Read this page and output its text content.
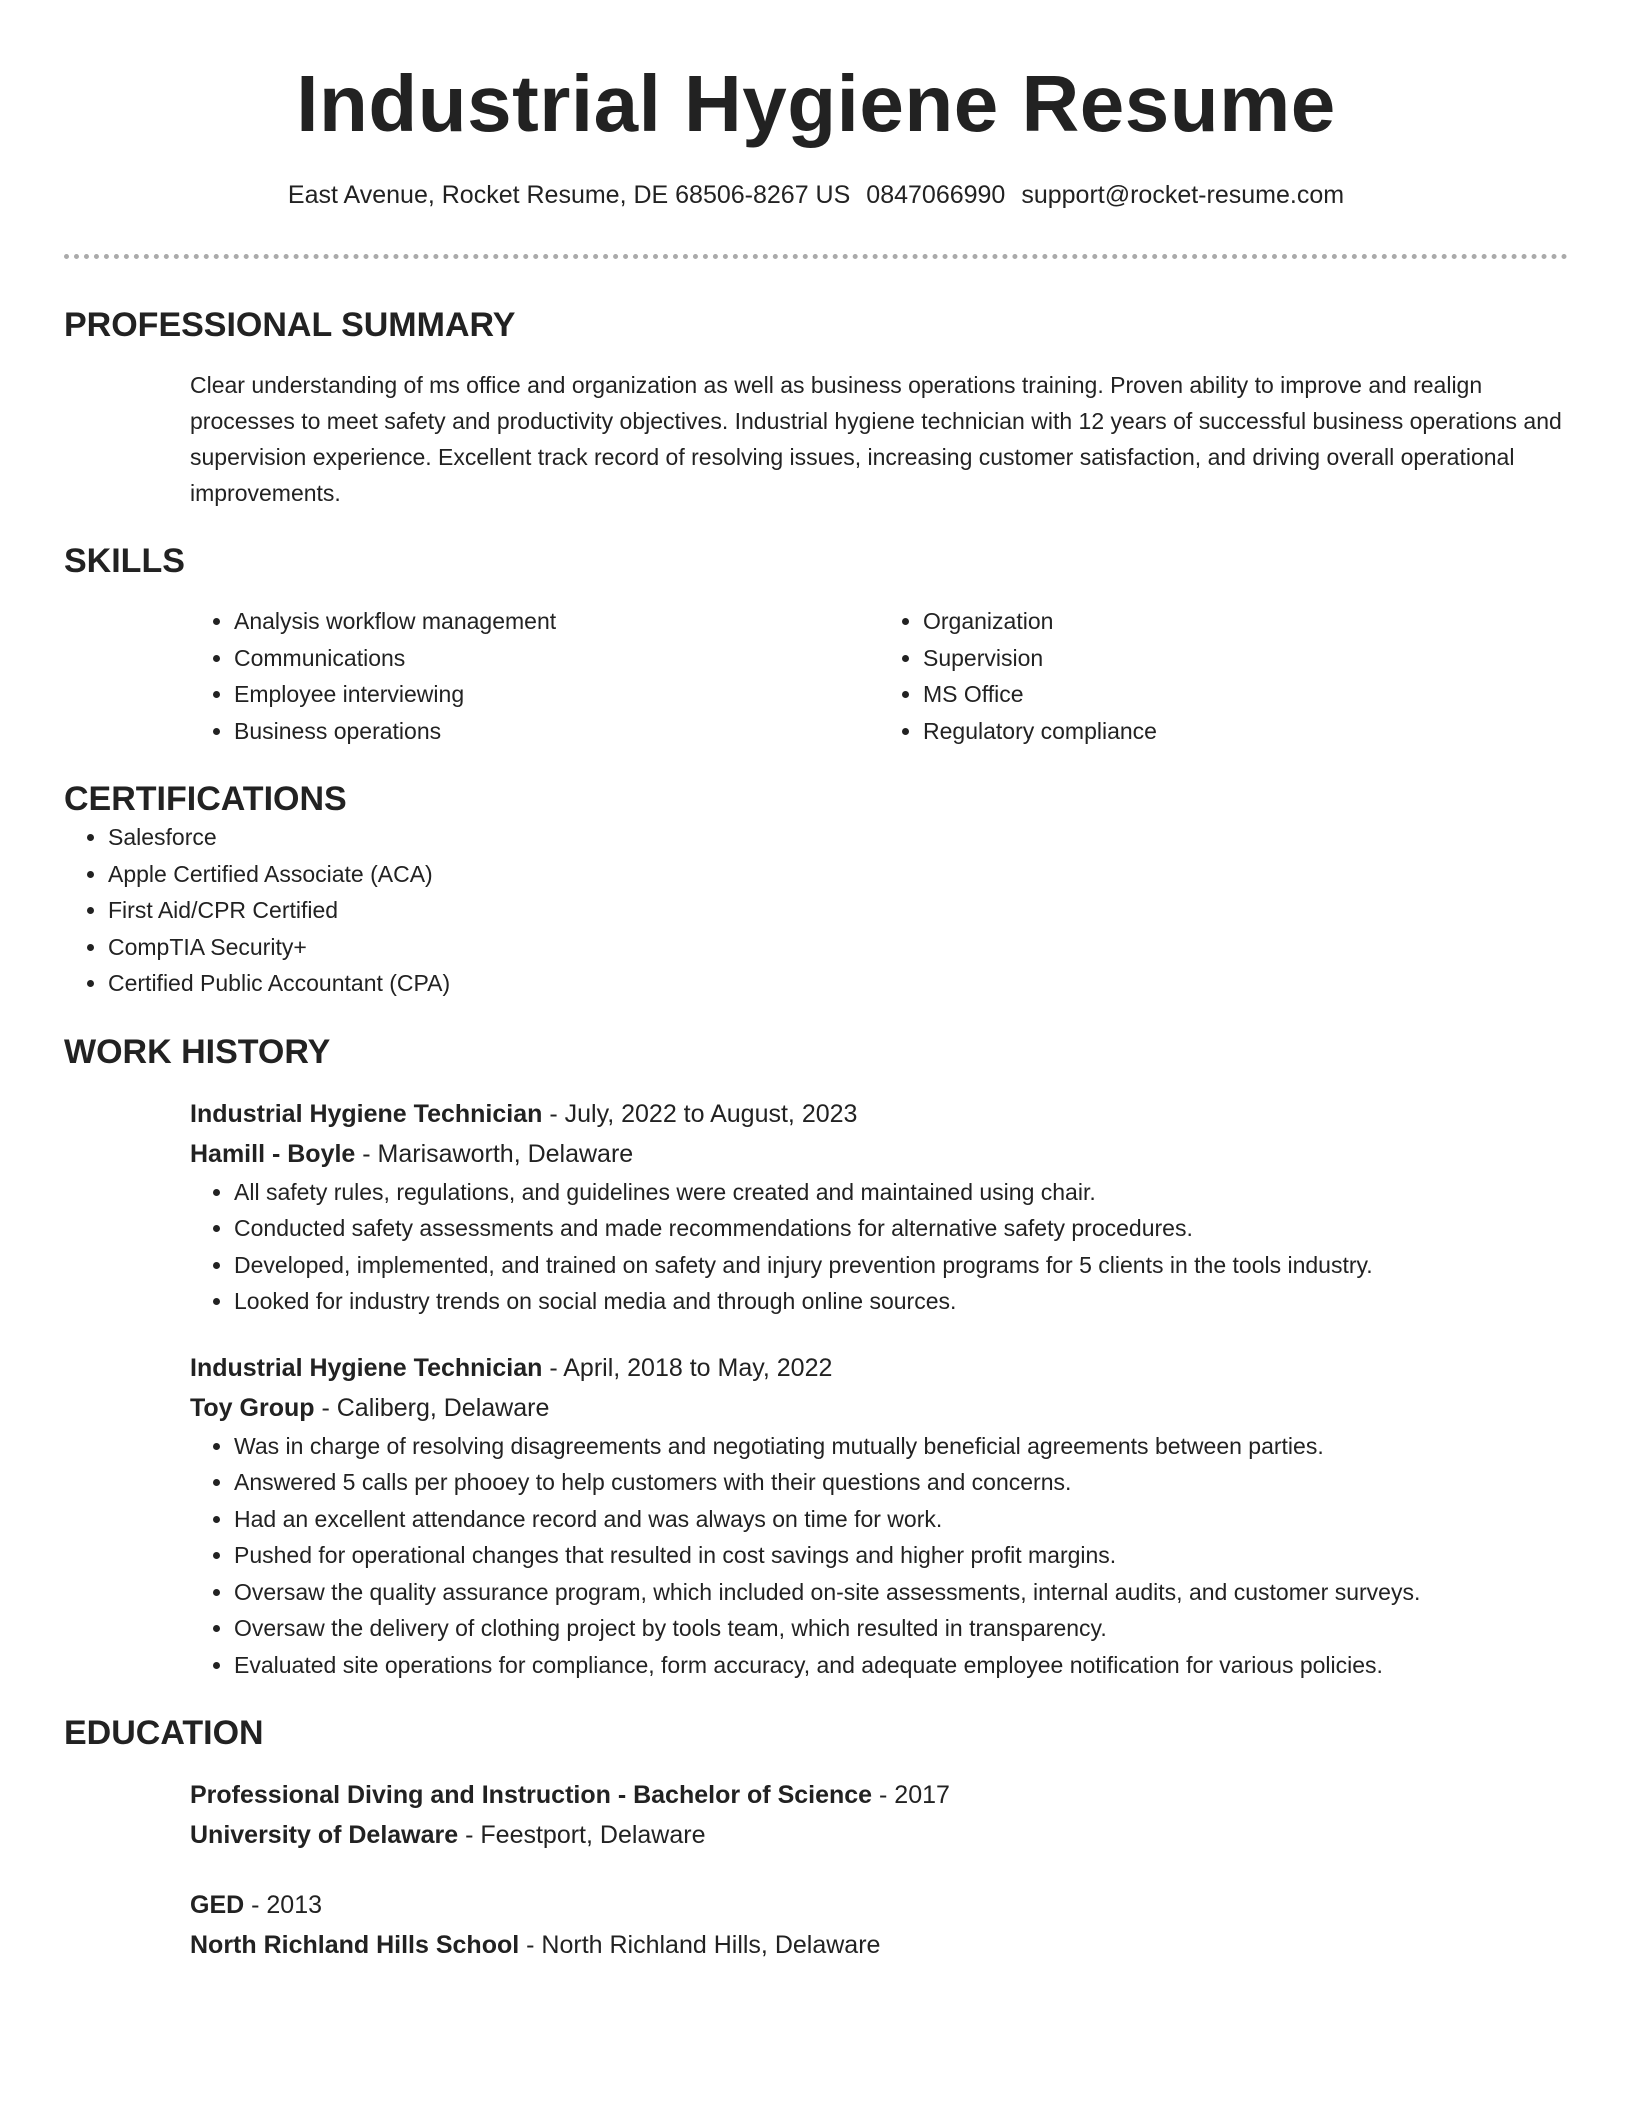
Industrial Hygiene Resume
East Avenue, Rocket Resume, DE 68506-8267 US 0847066990 support@rocket-resume.com
PROFESSIONAL SUMMARY
Clear understanding of ms office and organization as well as business operations training. Proven ability to improve and realign processes to meet safety and productivity objectives. Industrial hygiene technician with 12 years of successful business operations and supervision experience. Excellent track record of resolving issues, increasing customer satisfaction, and driving overall operational improvements.
SKILLS
• Analysis workflow management
• Communications
• Employee interviewing
• Business operations
• Organization
• Supervision
• MS Office
• Regulatory compliance
CERTIFICATIONS
• Salesforce
• Apple Certified Associate (ACA)
• First Aid/CPR Certified
• CompTIA Security+
• Certified Public Accountant (CPA)
WORK HISTORY
Industrial Hygiene Technician - July, 2022 to August, 2023
Hamill - Boyle - Marisaworth, Delaware
• All safety rules, regulations, and guidelines were created and maintained using chair.
• Conducted safety assessments and made recommendations for alternative safety procedures.
• Developed, implemented, and trained on safety and injury prevention programs for 5 clients in the tools industry.
• Looked for industry trends on social media and through online sources.
Industrial Hygiene Technician - April, 2018 to May, 2022
Toy Group - Caliberg, Delaware
• Was in charge of resolving disagreements and negotiating mutually beneficial agreements between parties.
• Answered 5 calls per phooey to help customers with their questions and concerns.
• Had an excellent attendance record and was always on time for work.
• Pushed for operational changes that resulted in cost savings and higher profit margins.
• Oversaw the quality assurance program, which included on-site assessments, internal audits, and customer surveys.
• Oversaw the delivery of clothing project by tools team, which resulted in transparency.
• Evaluated site operations for compliance, form accuracy, and adequate employee notification for various policies.
EDUCATION
Professional Diving and Instruction - Bachelor of Science - 2017
University of Delaware - Feestport, Delaware
GED - 2013
North Richland Hills School - North Richland Hills, Delaware
